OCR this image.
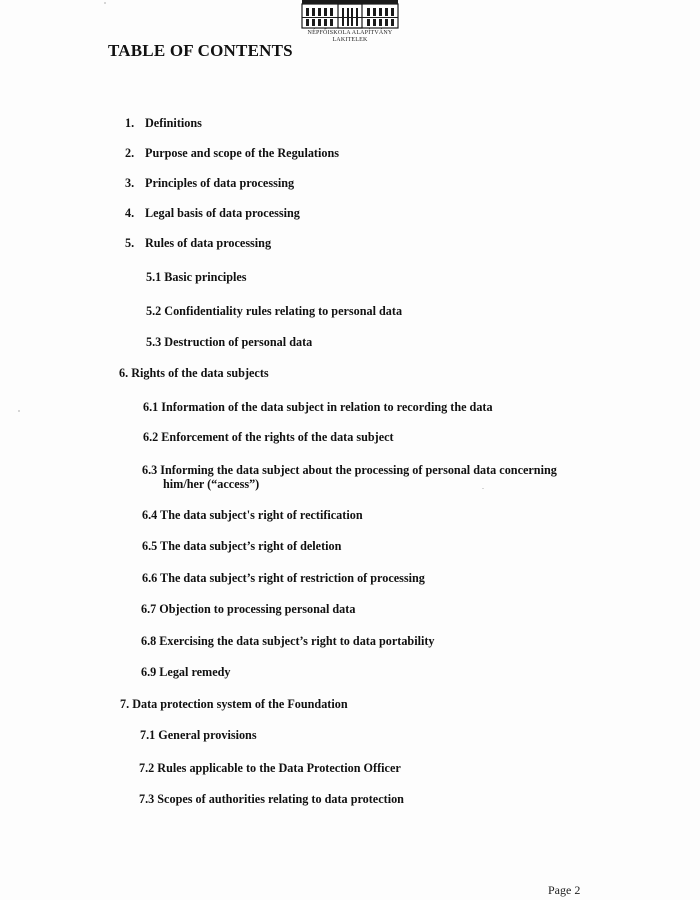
NÉPFŐISKOLA ALAPÍTVÁNY
LAKITELEK
TABLE OF CONTENTS
1. Definitions
2. Purpose and scope of the Regulations
3. Principles of data processing
4. Legal basis of data processing
5. Rules of data processing
5.1 Basic principles
5.2 Confidentiality rules relating to personal data
5.3 Destruction of personal data
6. Rights of the data subjects
6.1 Information of the data subject in relation to recording the data
6.2 Enforcement of the rights of the data subject
6.3 Informing the data subject about the processing of personal data concerning
him/her (“access”)
6.4 The data subject's right of rectification
6.5 The data subject’s right of deletion
6.6 The data subject’s right of restriction of processing
6.7 Objection to processing personal data
6.8 Exercising the data subject’s right to data portability
6.9 Legal remedy
7. Data protection system of the Foundation
7.1 General provisions
7.2 Rules applicable to the Data Protection Officer
7.3 Scopes of authorities relating to data protection
Page 2
